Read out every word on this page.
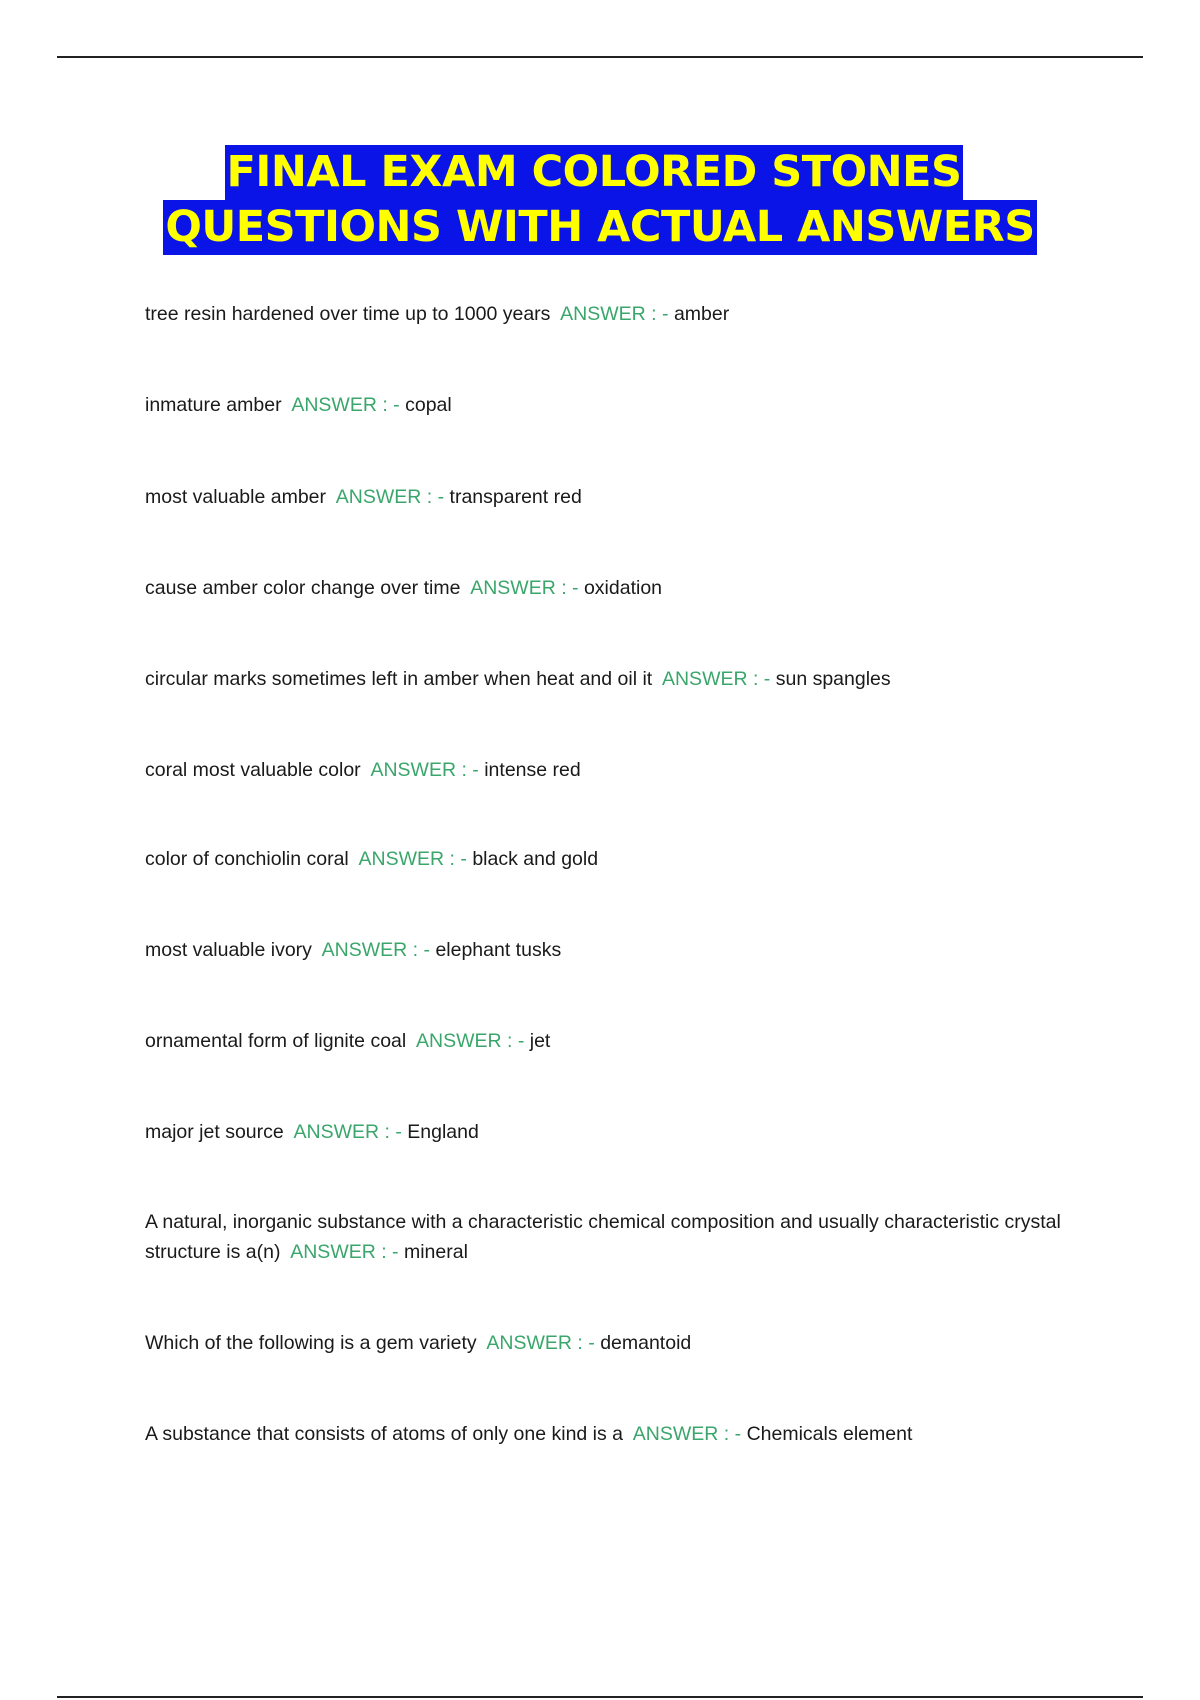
FINAL EXAM COLORED STONES
QUESTIONS WITH ACTUAL ANSWERS
tree resin hardened over time up to 1000 years ANSWER : - amber
inmature amber ANSWER : - copal
most valuable amber ANSWER : - transparent red
cause amber color change over time ANSWER : - oxidation
circular marks sometimes left in amber when heat and oil it ANSWER : - sun spangles
coral most valuable color ANSWER : - intense red
color of conchiolin coral ANSWER : - black and gold
most valuable ivory ANSWER : - elephant tusks
ornamental form of lignite coal ANSWER : - jet
major jet source ANSWER : - England
A natural, inorganic substance with a characteristic chemical composition and usually characteristic crystal structure is a(n) ANSWER : - mineral
Which of the following is a gem variety ANSWER : - demantoid
A substance that consists of atoms of only one kind is a ANSWER : - Chemicals element
